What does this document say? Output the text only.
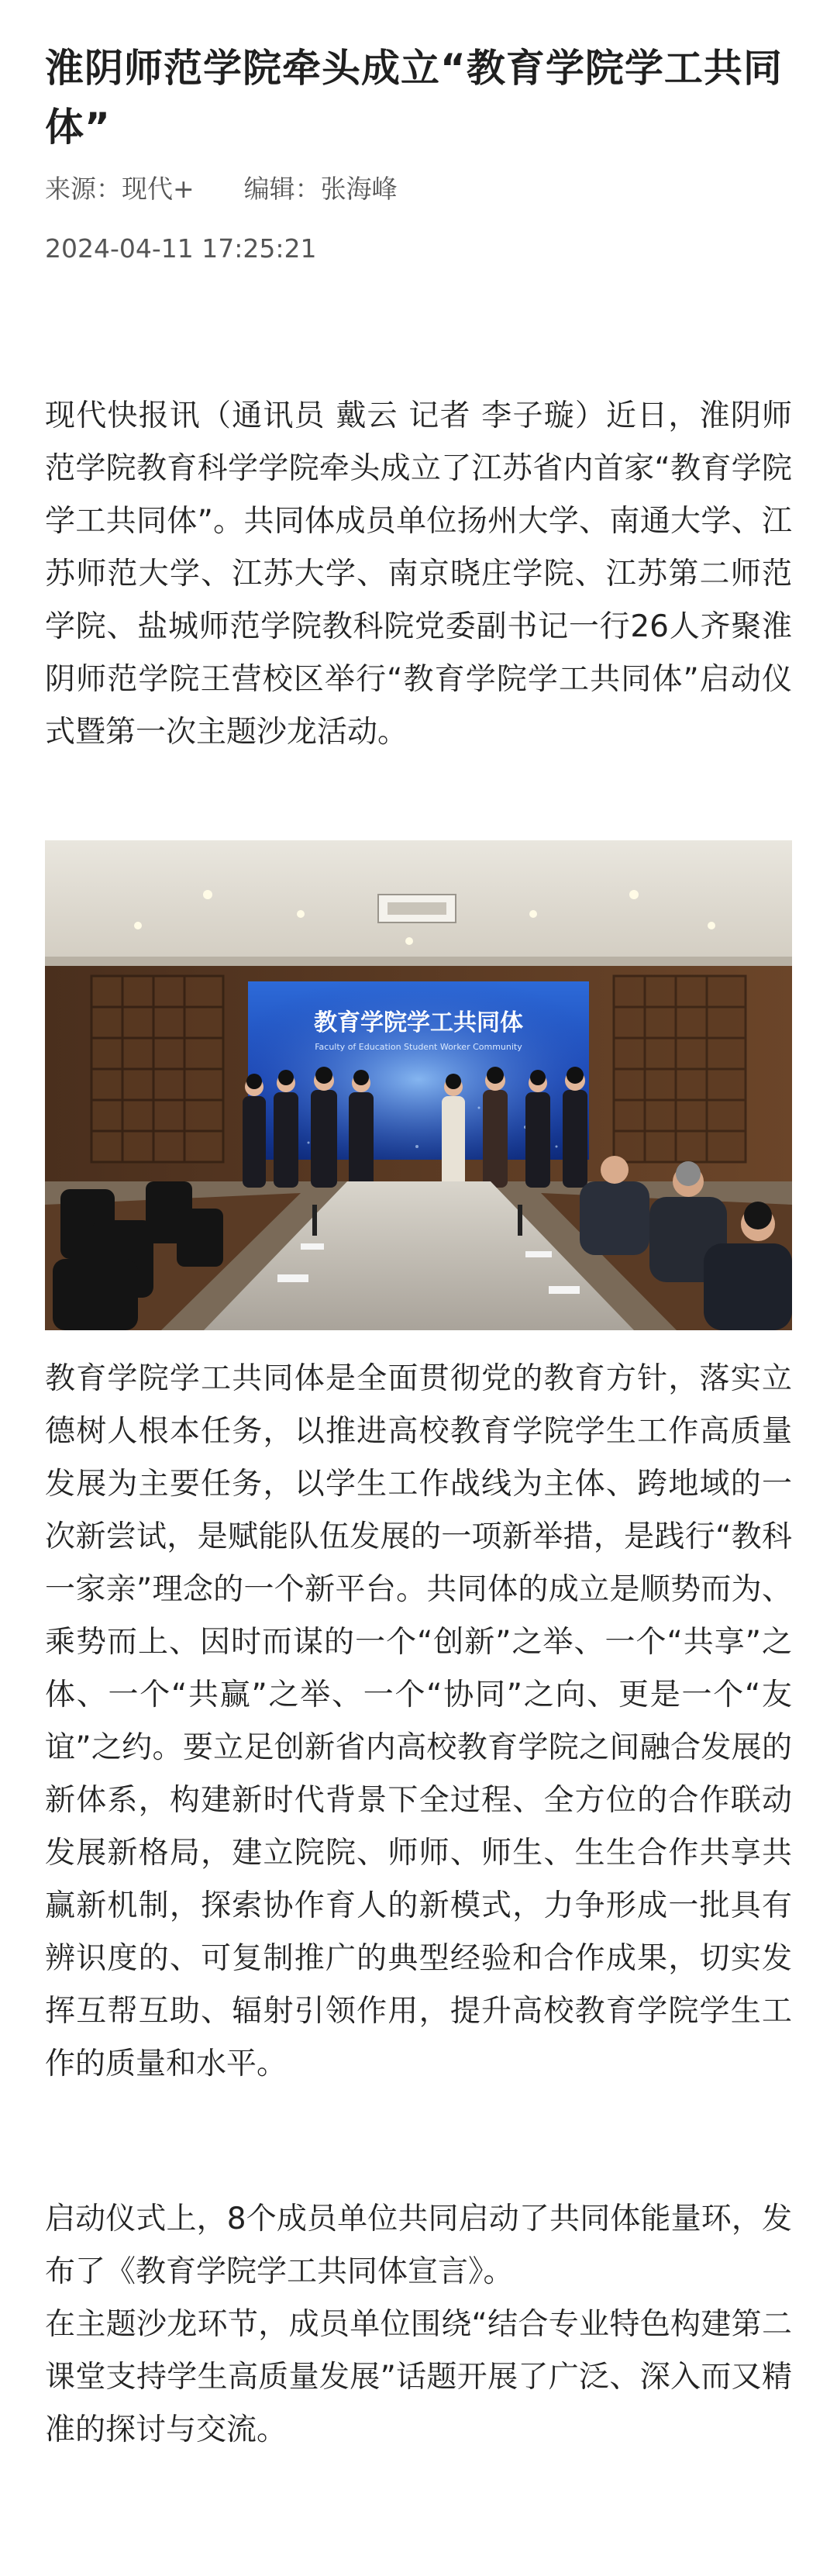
淮阴师范学院牵头成立“教育学院学工共同体”
来源：现代+ 编辑：张海峰
2024-04-11 17:25:21

现代快报讯（通讯员 戴云 记者 李子璇）近日，淮阴师范学院教育科学学院牵头成立了江苏省内首家“教育学院学工共同体”。共同体成员单位扬州大学、南通大学、江苏师范大学、江苏大学、南京晓庄学院、江苏第二师范学院、盐城师范学院教科院党委副书记一行26人齐聚淮阴师范学院王营校区举行“教育学院学工共同体”启动仪式暨第一次主题沙龙活动。

教育学院学工共同体
Faculty of Education Student Worker Community

教育学院学工共同体是全面贯彻党的教育方针，落实立德树人根本任务，以推进高校教育学院学生工作高质量发展为主要任务，以学生工作战线为主体、跨地域的一次新尝试，是赋能队伍发展的一项新举措，是践行“教科一家亲”理念的一个新平台。共同体的成立是顺势而为、乘势而上、因时而谋的一个“创新”之举、一个“共享”之体、一个“共赢”之举、一个“协同”之向、更是一个“友谊”之约。要立足创新省内高校教育学院之间融合发展的新体系，构建新时代背景下全过程、全方位的合作联动发展新格局，建立院院、师师、师生、生生合作共享共赢新机制，探索协作育人的新模式，力争形成一批具有辨识度的、可复制推广的典型经验和合作成果，切实发挥互帮互助、辐射引领作用，提升高校教育学院学生工作的质量和水平。

启动仪式上，8个成员单位共同启动了共同体能量环，发布了《教育学院学工共同体宣言》。

在主题沙龙环节，成员单位围绕“结合专业特色构建第二课堂支持学生高质量发展”话题开展了广泛、深入而又精准的探讨与交流。
